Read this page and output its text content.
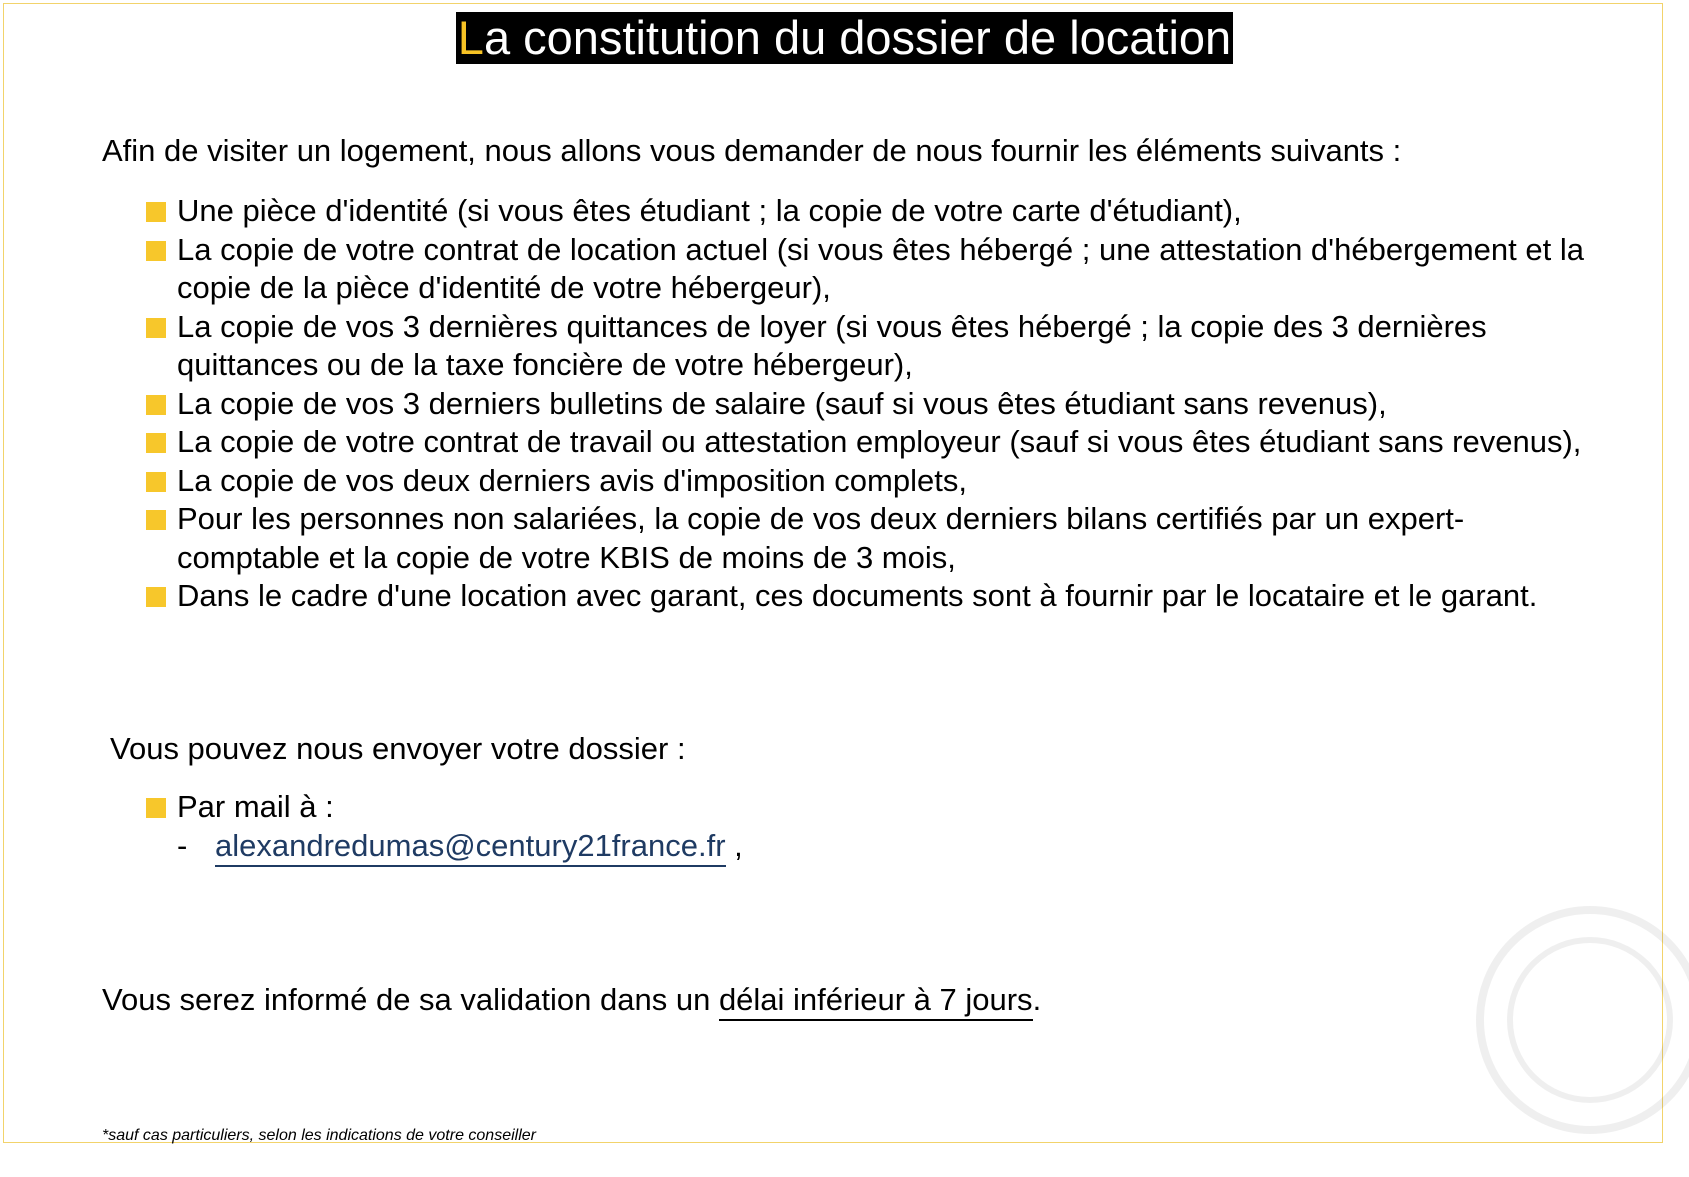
La constitution du dossier de location
Afin de visiter un logement, nous allons vous demander de nous fournir les éléments suivants :
Une pièce d'identité (si vous êtes étudiant ; la copie de votre carte d'étudiant),
La copie de votre contrat de location actuel (si vous êtes hébergé ; une attestation d'hébergement et la copie de la pièce d'identité de votre hébergeur),
La copie de vos 3 dernières quittances de loyer (si vous êtes hébergé ; la copie des 3 dernières quittances ou de la taxe foncière de votre hébergeur),
La copie de vos 3 derniers bulletins de salaire (sauf si vous êtes étudiant sans revenus),
La copie de votre contrat de travail ou attestation employeur (sauf si vous êtes étudiant sans revenus),
La copie de vos deux derniers avis d'imposition complets,
Pour les personnes non salariées, la copie de vos deux derniers bilans certifiés par un expert-comptable et la copie de votre KBIS de moins de 3 mois,
Dans le cadre d'une location avec garant, ces documents sont à fournir par le locataire et le garant.
Vous pouvez nous envoyer votre dossier :
Par mail à :
- alexandredumas@century21france.fr ,
Vous serez informé de sa validation dans un délai inférieur à 7 jours.
*sauf cas particuliers, selon les indications de votre conseiller
